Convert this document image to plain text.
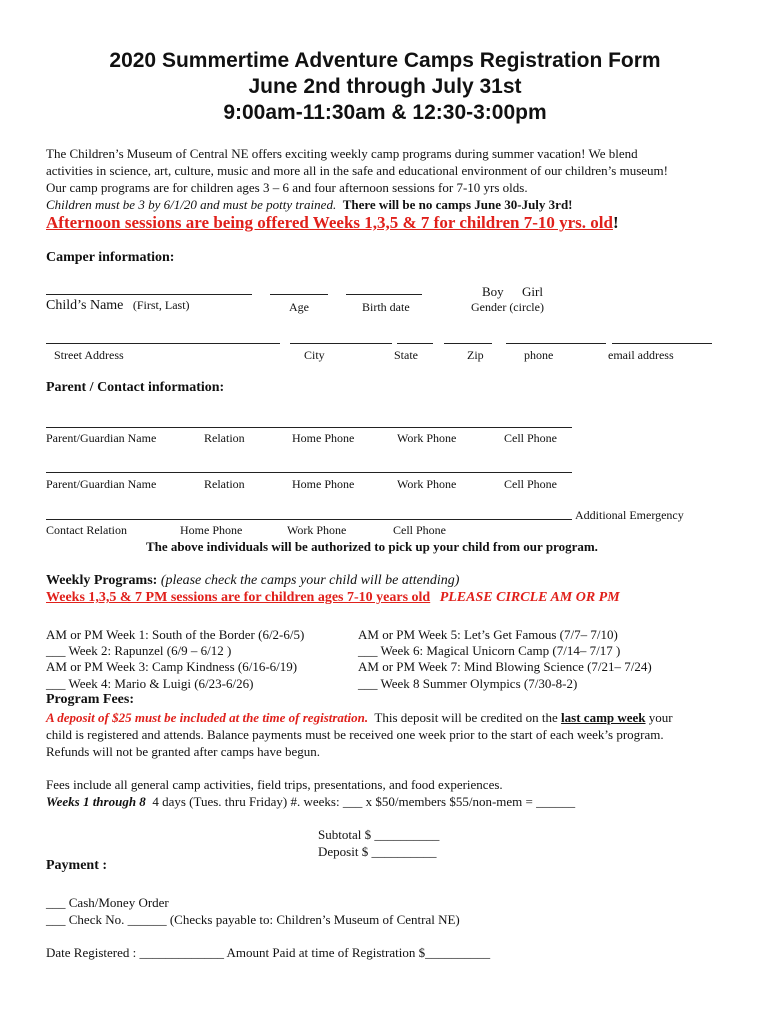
2020 Summertime Adventure Camps Registration Form
June 2nd through July 31st
9:00am-11:30am & 12:30-3:00pm
The Children’s Museum of Central NE offers exciting weekly camp programs during summer vacation! We blend
activities in science, art, culture, music and more all in the safe and educational environment of our children’s museum!
Our camp programs are for children ages 3 – 6 and four afternoon sessions for 7-10 yrs olds.
Children must be 3 by 6/1/20 and must be potty trained. There will be no camps June 30-July 3rd!
Afternoon sessions are being offered Weeks 1,3,5 & 7 for children 7-10 yrs. old!
Camper information:
Boy Girl
Child’s Name (First, Last)	Age	Birth date	Gender (circle)
Street Address	City	State	Zip	phone	email address
Parent / Contact information:
Parent/Guardian Name	Relation	Home Phone	Work Phone	Cell Phone
Parent/Guardian Name	Relation	Home Phone	Work Phone	Cell Phone
Additional Emergency
Contact Relation	Home Phone	Work Phone	Cell Phone
The above individuals will be authorized to pick up your child from our program.
Weekly Programs: (please check the camps your child will be attending)
Weeks 1,3,5 & 7 PM sessions are for children ages 7-10 years old PLEASE CIRCLE AM OR PM
AM or PM Week 1: South of the Border (6/2-6/5)
___ Week 2: Rapunzel (6/9 – 6/12 )
AM or PM Week 3: Camp Kindness (6/16-6/19)
___ Week 4: Mario & Luigi (6/23-6/26)
AM or PM Week 5: Let’s Get Famous (7/7– 7/10)
___ Week 6: Magical Unicorn Camp (7/14– 7/17 )
AM or PM Week 7: Mind Blowing Science (7/21– 7/24)
___ Week 8 Summer Olympics (7/30-8-2)
Program Fees:
A deposit of $25 must be included at the time of registration. This deposit will be credited on the last camp week your
child is registered and attends. Balance payments must be received one week prior to the start of each week’s program.
Refunds will not be granted after camps have begun.
Fees include all general camp activities, field trips, presentations, and food experiences.
Weeks 1 through 8 4 days (Tues. thru Friday) #. weeks: ___ x $50/members $55/non-mem = ______
Subtotal $ __________
Deposit $ __________
Payment :
___ Cash/Money Order
___ Check No. ______ (Checks payable to: Children’s Museum of Central NE)
Date Registered : _____________ Amount Paid at time of Registration $__________
